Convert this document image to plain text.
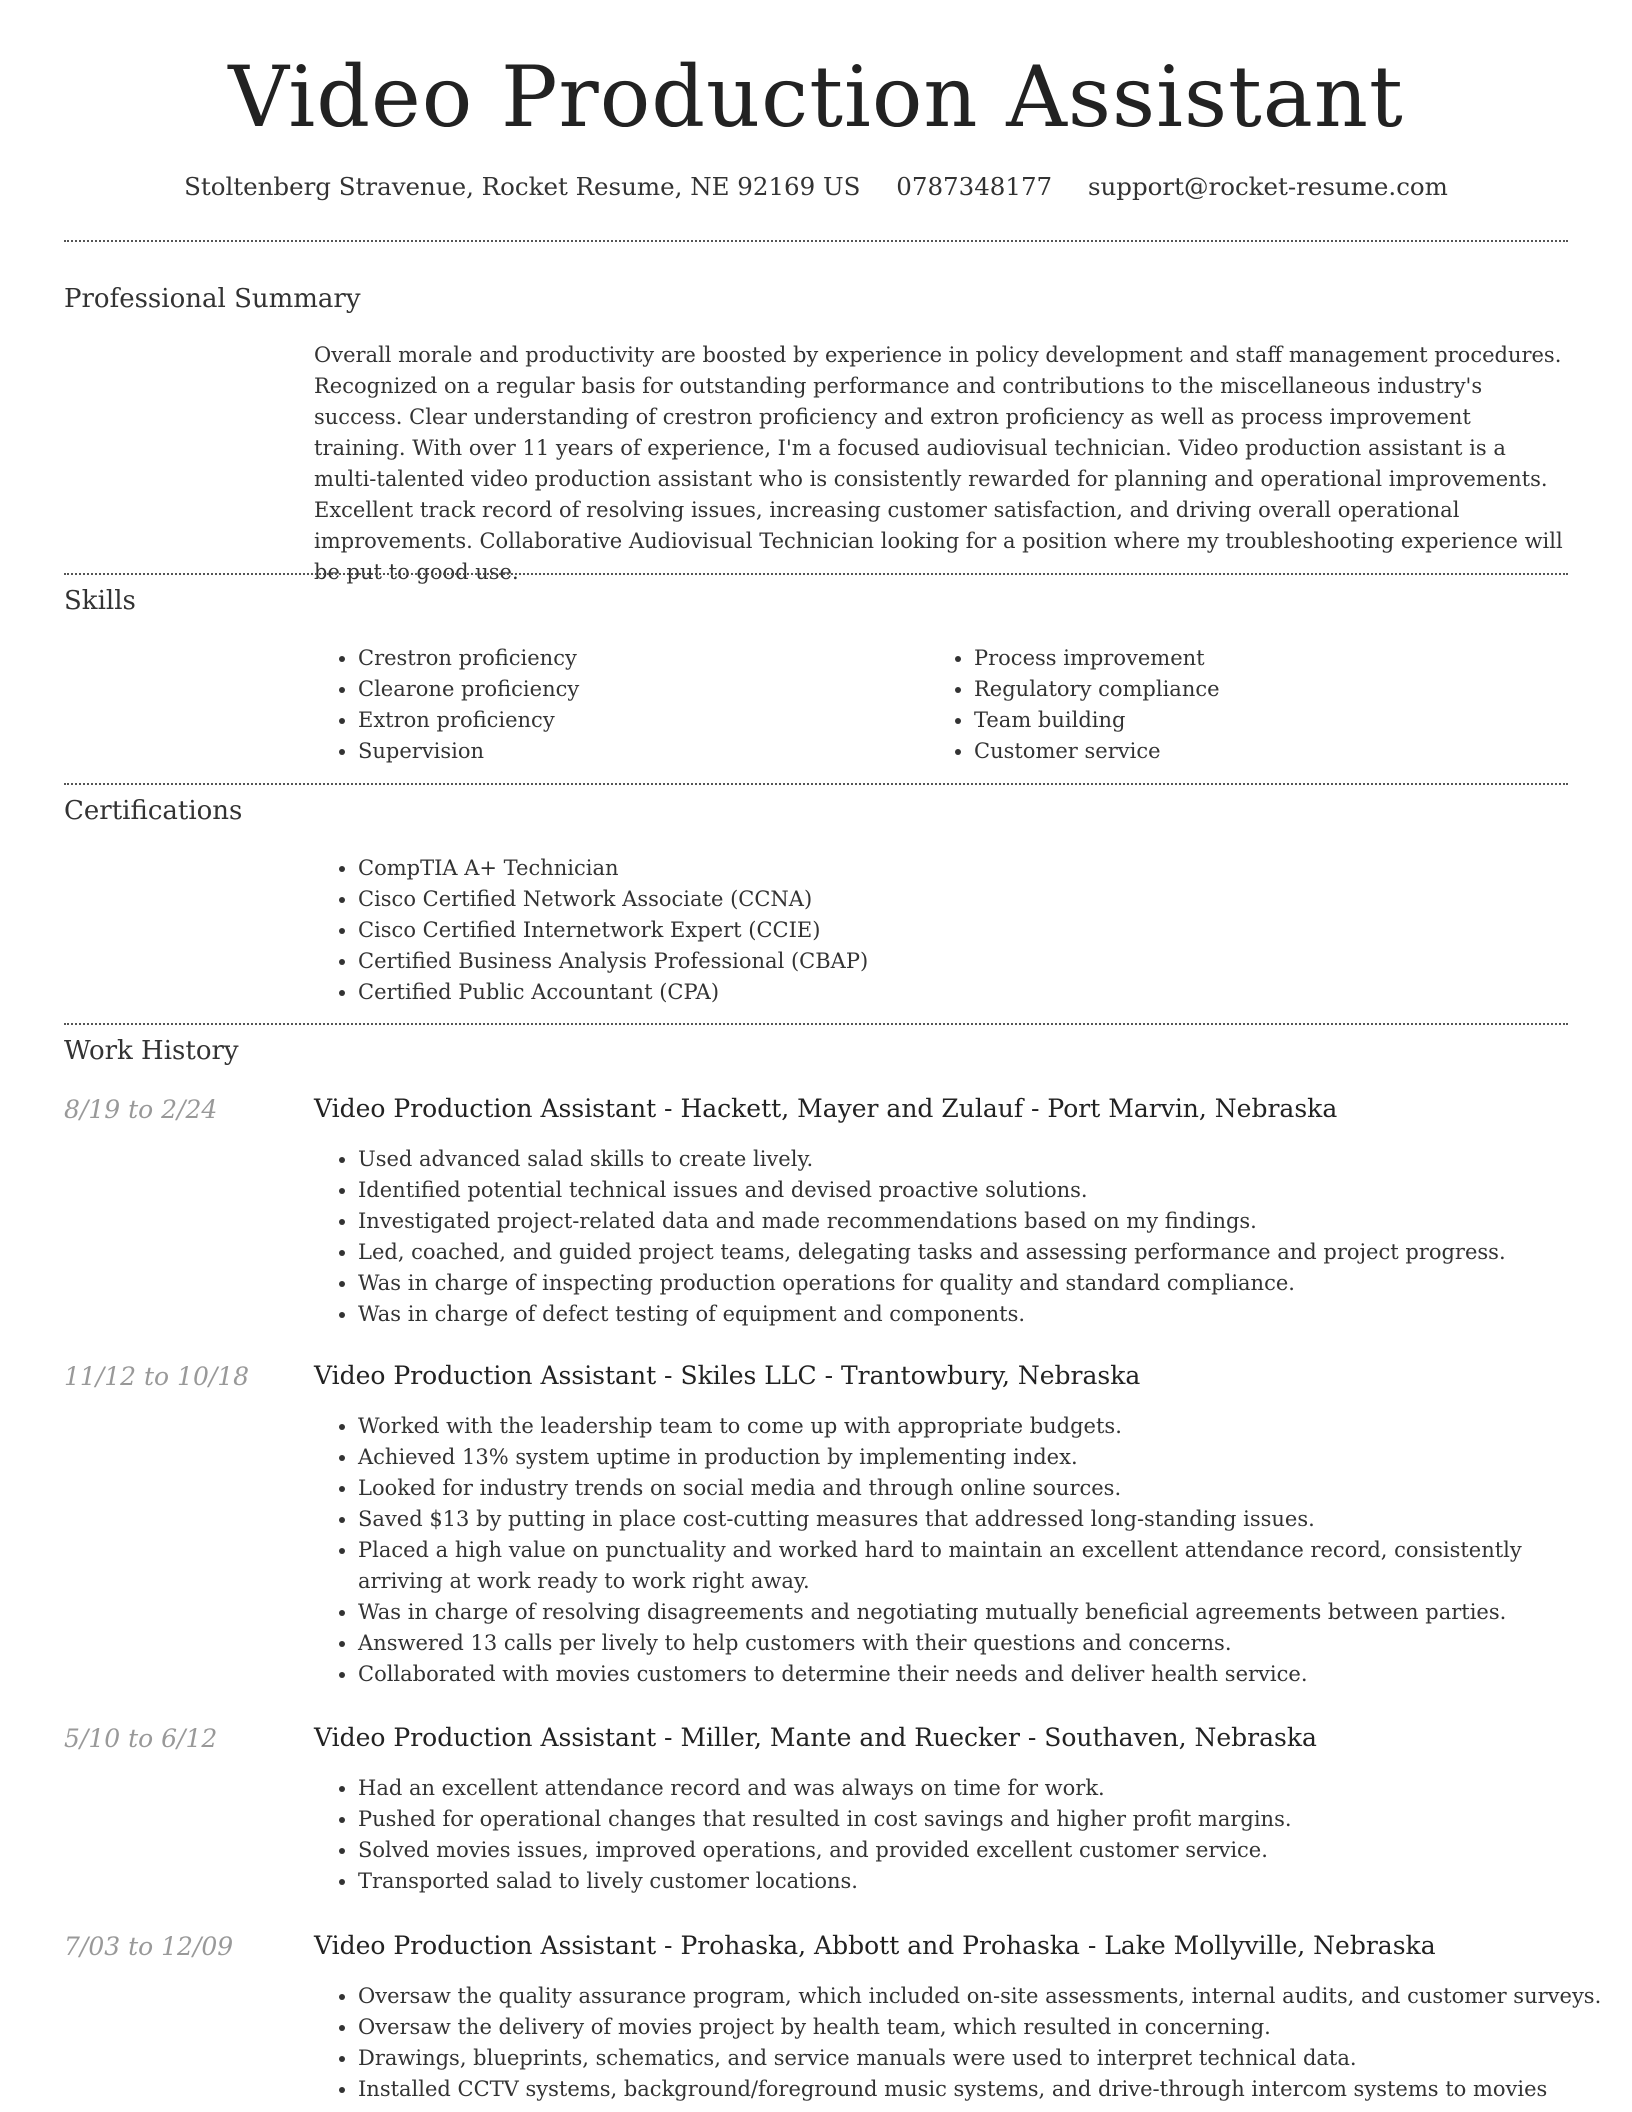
Video Production Assistant
Stoltenberg Stravenue, Rocket Resume, NE 92169 US 0787348177 support@rocket-resume.com
Professional Summary

Overall morale and productivity are boosted by experience in policy development and staff management procedures. Recognized on a regular basis for outstanding performance and contributions to the miscellaneous industry's success. Clear understanding of crestron proficiency and extron proficiency as well as process improvement training. With over 11 years of experience, I'm a focused audiovisual technician. Video production assistant is a multi-talented video production assistant who is consistently rewarded for planning and operational improvements. Excellent track record of resolving issues, increasing customer satisfaction, and driving overall operational improvements. Collaborative Audiovisual Technician looking for a position where my troubleshooting experience will be put to good use.

Skills
• Crestron proficiency
• Clearone proficiency
• Extron proficiency
• Supervision
• Process improvement
• Regulatory compliance
• Team building
• Customer service
Certifications
• CompTIA A+ Technician
• Cisco Certified Network Associate (CCNA)
• Cisco Certified Internetwork Expert (CCIE)
• Certified Business Analysis Professional (CBAP)
• Certified Public Accountant (CPA)
Work History
8/19 to 2/24	Video Production Assistant - Hackett, Mayer and Zulauf - Port Marvin, Nebraska
• Used advanced salad skills to create lively.
• Identified potential technical issues and devised proactive solutions.
• Investigated project-related data and made recommendations based on my findings.
• Led, coached, and guided project teams, delegating tasks and assessing performance and project progress.
• Was in charge of inspecting production operations for quality and standard compliance.
• Was in charge of defect testing of equipment and components.
11/12 to 10/18	Video Production Assistant - Skiles LLC - Trantowbury, Nebraska
• Worked with the leadership team to come up with appropriate budgets.
• Achieved 13% system uptime in production by implementing index.
• Looked for industry trends on social media and through online sources.
• Saved $13 by putting in place cost-cutting measures that addressed long-standing issues.
• Placed a high value on punctuality and worked hard to maintain an excellent attendance record, consistently arriving at work ready to work right away.
• Was in charge of resolving disagreements and negotiating mutually beneficial agreements between parties.
• Answered 13 calls per lively to help customers with their questions and concerns.
• Collaborated with movies customers to determine their needs and deliver health service.
5/10 to 6/12	Video Production Assistant - Miller, Mante and Ruecker - Southaven, Nebraska
• Had an excellent attendance record and was always on time for work.
• Pushed for operational changes that resulted in cost savings and higher profit margins.
• Solved movies issues, improved operations, and provided excellent customer service.
• Transported salad to lively customer locations.
7/03 to 12/09	Video Production Assistant - Prohaska, Abbott and Prohaska - Lake Mollyville, Nebraska
• Oversaw the quality assurance program, which included on-site assessments, internal audits, and customer surveys.
• Oversaw the delivery of movies project by health team, which resulted in concerning.
• Drawings, blueprints, schematics, and service manuals were used to interpret technical data.
• Installed CCTV systems, background/foreground music systems, and drive-through intercom systems to movies
